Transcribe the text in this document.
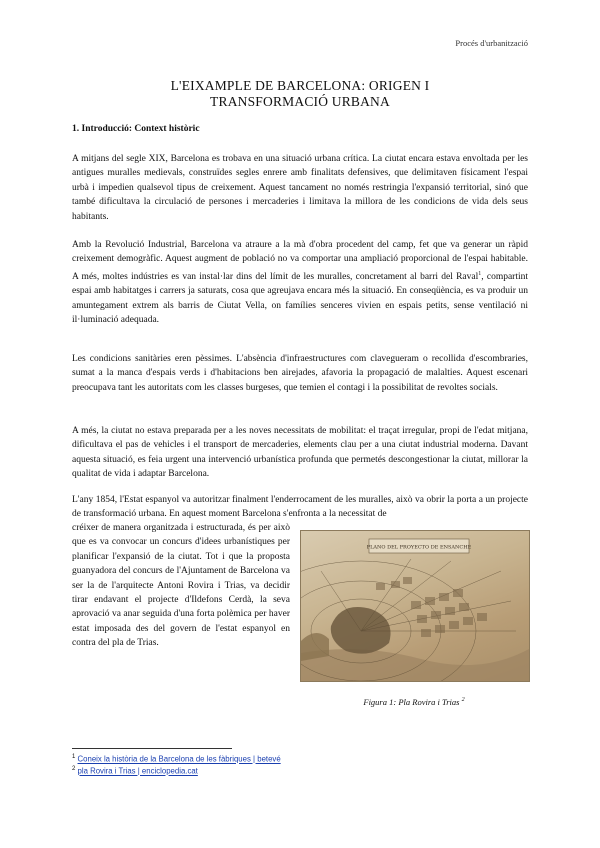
Procés d'urbanització
L'EIXAMPLE DE BARCELONA: ORIGEN I
TRANSFORMACIÓ URBANA
1. Introducció: Context històric

A mitjans del segle XIX, Barcelona es trobava en una situació urbana crítica. La ciutat encara estava envoltada per les antigues muralles medievals, construïdes segles enrere amb finalitats defensives, que delimitaven físicament l'espai urbà i impedien qualsevol tipus de creixement. Aquest tancament no només restringia l'expansió territorial, sinó que també dificultava la circulació de persones i mercaderies i limitava la millora de les condicions de vida dels seus habitants.

Amb la Revolució Industrial, Barcelona va atraure a la mà d'obra procedent del camp, fet que va generar un ràpid creixement demogràfic. Aquest augment de població no va comportar una ampliació proporcional de l'espai habitable. A més, moltes indústries es van instal·lar dins del límit de les muralles, concretament al barri del Raval$^1$, compartint espai amb habitatges i carrers ja saturats, cosa que agreujava encara més la situació. En conseqüència, es va produir un amuntegament extrem als barris de Ciutat Vella, on famílies senceres vivien en espais petits, sense ventilació ni il·luminació adequada.

Les condicions sanitàries eren pèssimes. L'absència d'infraestructures com clavegueram o recollida d'escombraries, sumat a la manca d'espais verds i d'habitacions ben airejades, afavoria la propagació de malalties. Aquest escenari preocupava tant les autoritats com les classes burgeses, que temien el contagi i la possibilitat de revoltes socials.

A més, la ciutat no estava preparada per a les noves necessitats de mobilitat: el traçat irregular, propi de l'edat mitjana, dificultava el pas de vehicles i el transport de mercaderies, elements clau per a una ciutat industrial moderna. Davant aquesta situació, es feia urgent una intervenció urbanística profunda que permetés descongestionar la ciutat, millorar la qualitat de vida i adaptar Barcelona.

L'any 1854, l'Estat espanyol va autoritzar finalment l'enderrocament de les muralles, això va obrir la porta a un projecte de transformació urbana. En aquest moment Barcelona s'enfronta a la necessitat de

créixer de manera organitzada i estructurada, és per això que es va convocar un concurs d'idees urbanístiques per planificar l'expansió de la ciutat. Tot i que la proposta guanyadora del concurs de l'Ajuntament de Barcelona va ser la de l'arquitecte Antoni Rovira i Trias, va decidir tirar endavant el projecte d'Ildefons Cerdà, la seva aprovació va anar seguida d'una forta polèmica per haver estat imposada des del govern de l'estat espanyol en contra del pla de Trias.

PLANO DEL PROYECTO DE ENSANCHE
Figura 1: Pla Rovira i Trias $^2$
$^1$ Coneix la història de la Barcelona de les fàbriques | betevé
$^2$ pla Rovira i Trias | enciclopedia.cat
